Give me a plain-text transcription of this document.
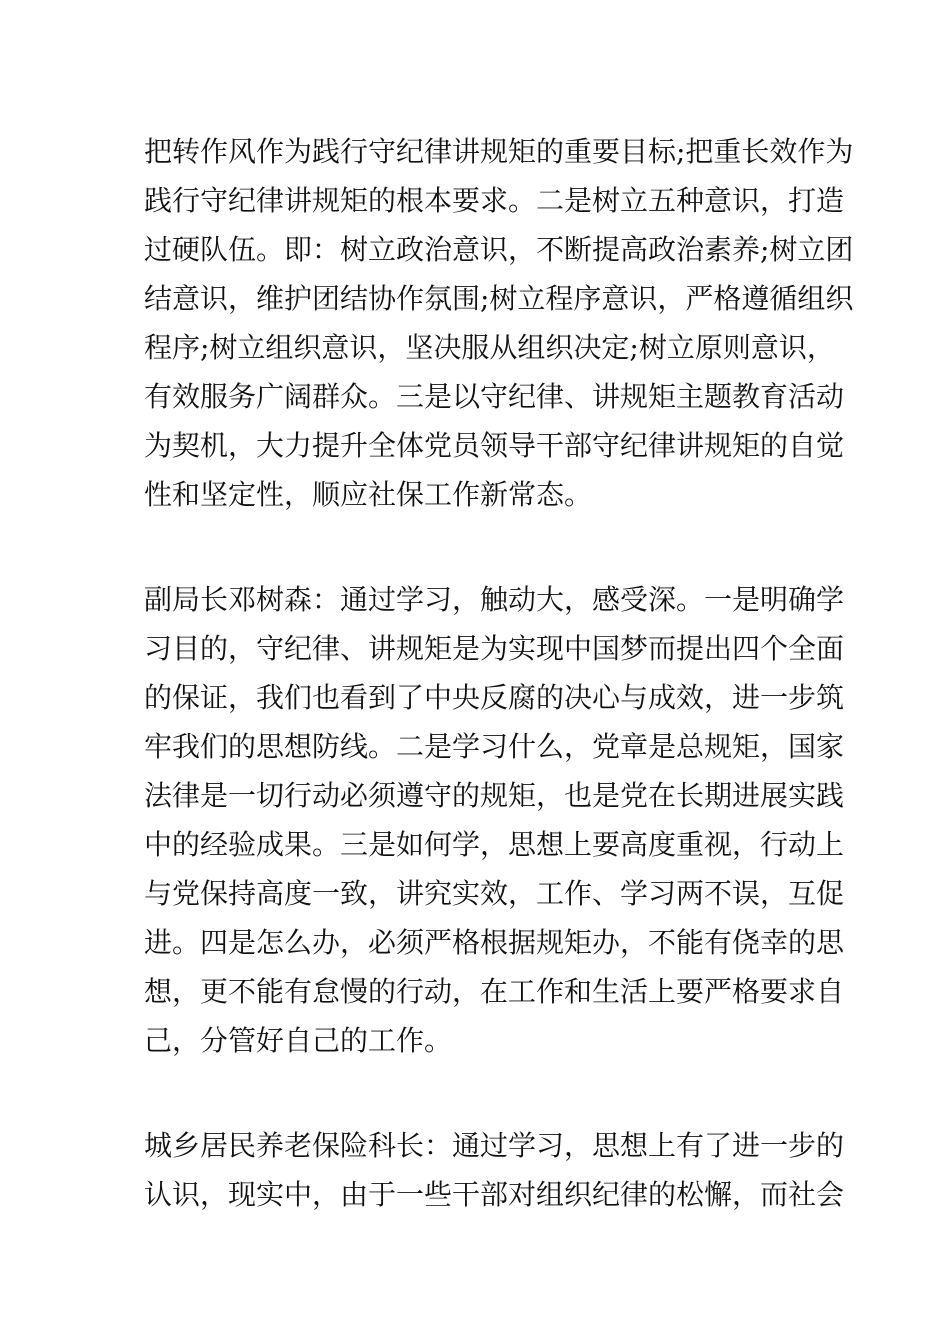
把转作风作为践行守纪律讲规矩的重要目标;把重长效作为
践行守纪律讲规矩的根本要求。二是树立五种意识，打造
过硬队伍。即：树立政治意识，不断提高政治素养;树立团
结意识，维护团结协作氛围;树立程序意识，严格遵循组织
程序;树立组织意识，坚决服从组织决定;树立原则意识，
有效服务广阔群众。三是以守纪律、讲规矩主题教育活动
为契机，大力提升全体党员领导干部守纪律讲规矩的自觉
性和坚定性，顺应社保工作新常态。
副局长邓树森：通过学习，触动大，感受深。一是明确学
习目的，守纪律、讲规矩是为实现中国梦而提出四个全面
的保证，我们也看到了中央反腐的决心与成效，进一步筑
牢我们的思想防线。二是学习什么，党章是总规矩，国家
法律是一切行动必须遵守的规矩，也是党在长期进展实践
中的经验成果。三是如何学，思想上要高度重视，行动上
与党保持高度一致，讲究实效，工作、学习两不误，互促
进。四是怎么办，必须严格根据规矩办，不能有侥幸的思
想，更不能有怠慢的行动，在工作和生活上要严格要求自
己，分管好自己的工作。
城乡居民养老保险科长：通过学习，思想上有了进一步的
认识，现实中，由于一些干部对组织纪律的松懈，而社会
